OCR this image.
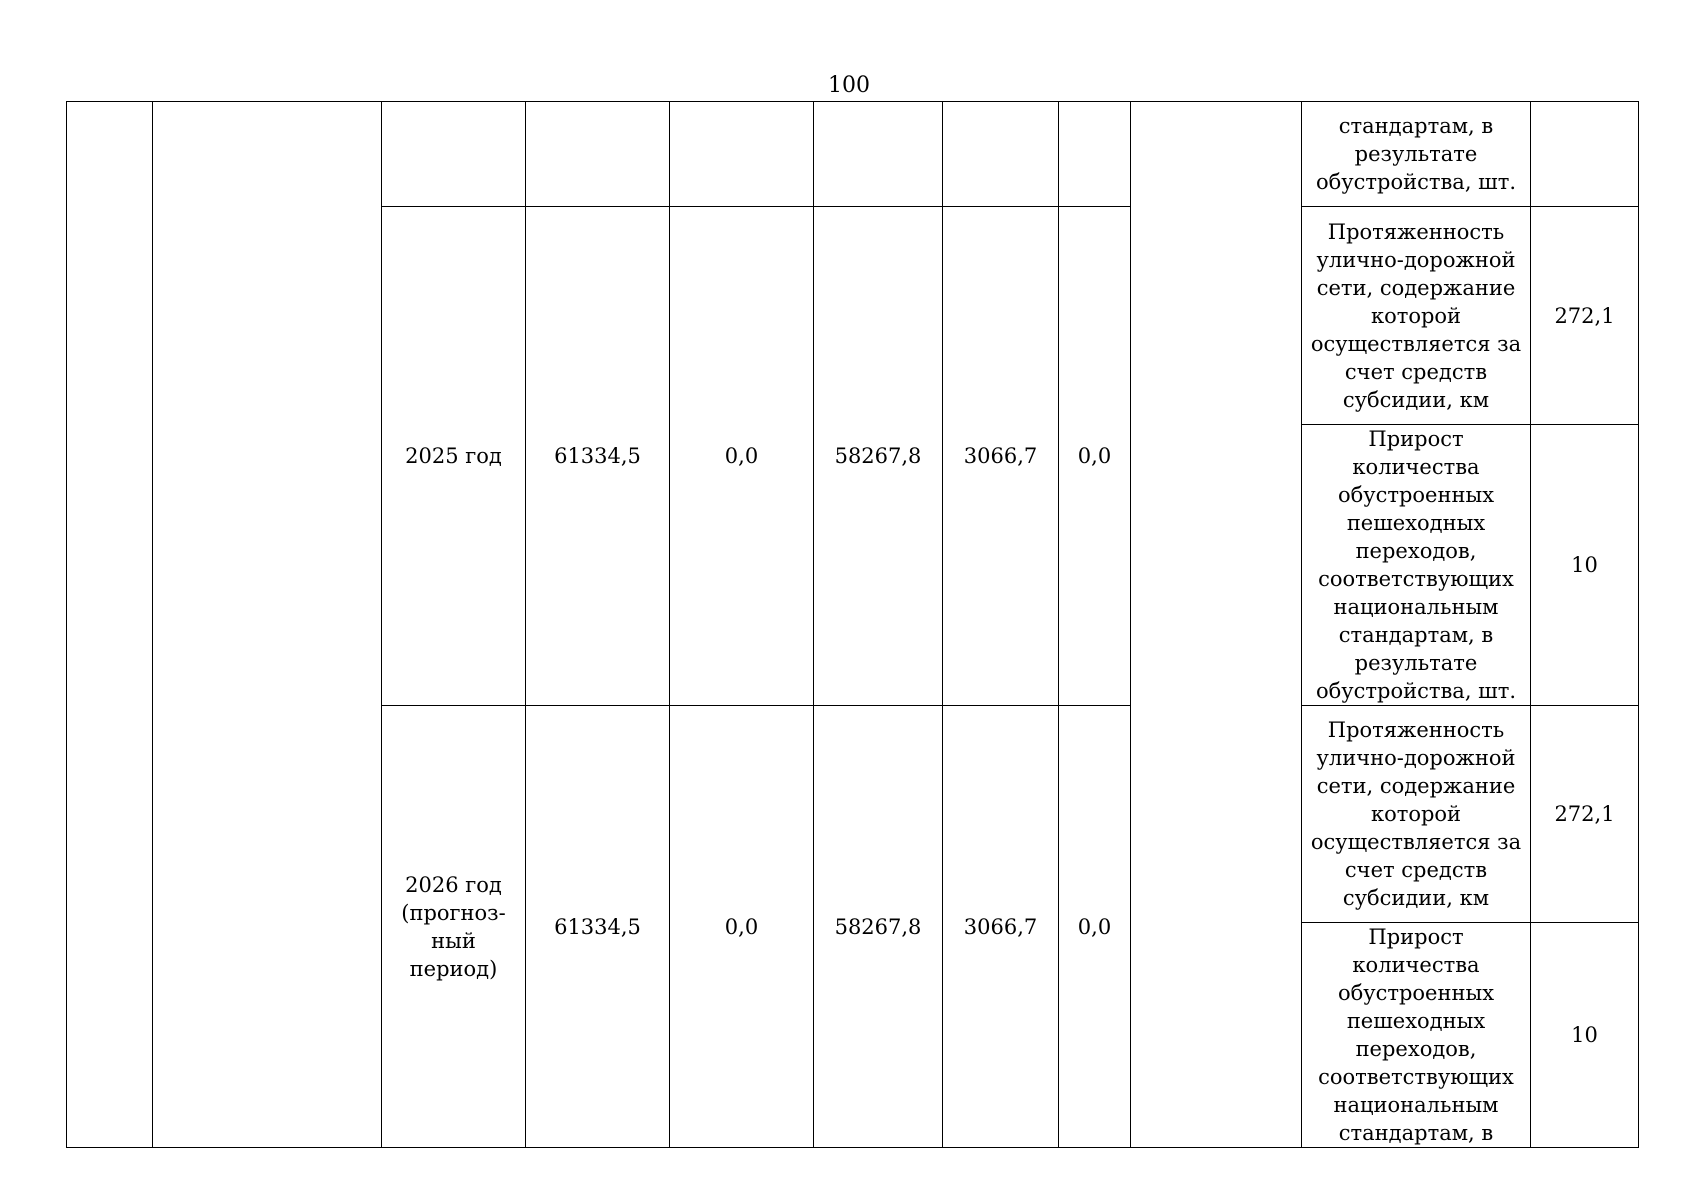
100
									стандартам, в результате обустройства, шт.	
		2025 год	61334,5	0,0	58267,8	3066,7	0,0		Протяженность улично-дорожной сети, содержание которой осуществляется за счет средств субсидии, км	272,1
									Прирост количества обустроенных пешеходных переходов, соответствующих национальным стандартам, в результате обустройства, шт.	10
		2026 год (прогноз-ный период)	61334,5	0,0	58267,8	3066,7	0,0		Протяженность улично-дорожной сети, содержание которой осуществляется за счет средств субсидии, км	272,1
									Прирост количества обустроенных пешеходных переходов, соответствующих национальным стандартам, в	10
